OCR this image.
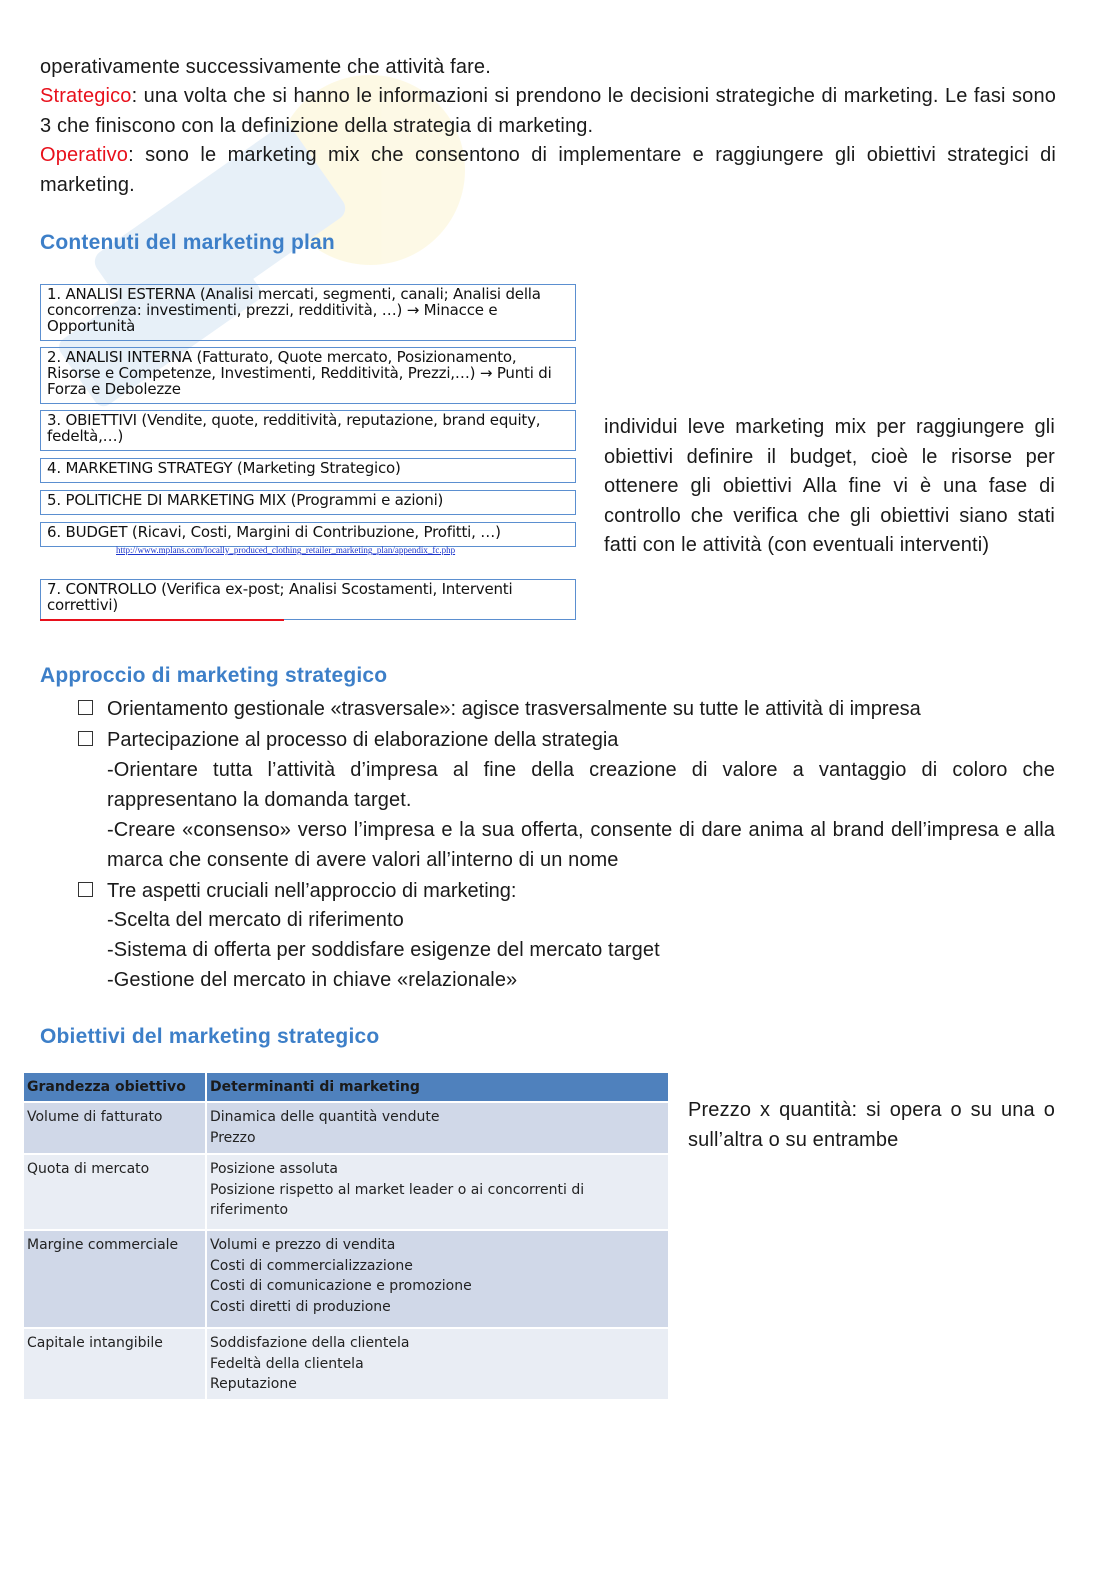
operativamente successivamente che attività fare.
Strategico: una volta che si hanno le informazioni si prendono le decisioni strategiche di marketing. Le fasi sono 3 che finiscono con la definizione della strategia di marketing.
Operativo: sono le marketing mix che consentono di implementare e raggiungere gli obiettivi strategici di marketing.
Contenuti del marketing plan
1. ANALISI ESTERNA (Analisi mercati, segmenti, canali; Analisi della concorrenza: investimenti, prezzi, redditività, …) → Minacce e Opportunità
2. ANALISI INTERNA (Fatturato, Quote mercato, Posizionamento, Risorse e Competenze, Investimenti, Redditività, Prezzi,…) → Punti di Forza e Debolezze
3. OBIETTIVI (Vendite, quote, redditività, reputazione, brand equity, fedeltà,…)
4. MARKETING STRATEGY (Marketing Strategico)
5. POLITICHE DI MARKETING MIX (Programmi e azioni)
6. BUDGET (Ricavi, Costi, Margini di Contribuzione, Profitti, …)
http://www.mplans.com/locally_produced_clothing_retailer_marketing_plan/appendix_fc.php
7. CONTROLLO (Verifica ex-post; Analisi Scostamenti, Interventi correttivi)
individui leve marketing mix per raggiungere gli obiettivi definire il budget, cioè le risorse per ottenere gli obiettivi Alla fine vi è una fase di controllo che verifica che gli obiettivi siano stati fatti con le attività (con eventuali interventi)
Approccio di marketing strategico
Orientamento gestionale «trasversale»: agisce trasversalmente su tutte le attività di impresa
Partecipazione al processo di elaborazione della strategia
-Orientare tutta l’attività d’impresa al fine della creazione di valore a vantaggio di coloro che rappresentano la domanda target.
-Creare «consenso» verso l’impresa e la sua offerta, consente di dare anima al brand dell’impresa e alla marca che consente di avere valori all’interno di un nome
Tre aspetti cruciali nell’approccio di marketing:
-Scelta del mercato di riferimento
-Sistema di offerta per soddisfare esigenze del mercato target
-Gestione del mercato in chiave «relazionale»
Obiettivi del marketing strategico
Grandezza obiettivo	Determinanti di marketing
Volume di fatturato	Dinamica delle quantità vendute
Prezzo

Quota di mercato	Posizione assoluta
Posizione rispetto al market leader o ai concorrenti di riferimento

Margine commerciale	Volumi e prezzo di vendita
Costi di commercializzazione
Costi di comunicazione e promozione
Costi diretti di produzione

Capitale intangibile	Soddisfazione della clientela
Fedeltà della clientela
Reputazione
Prezzo x quantità: si opera o su una o sull’altra o su entrambe
